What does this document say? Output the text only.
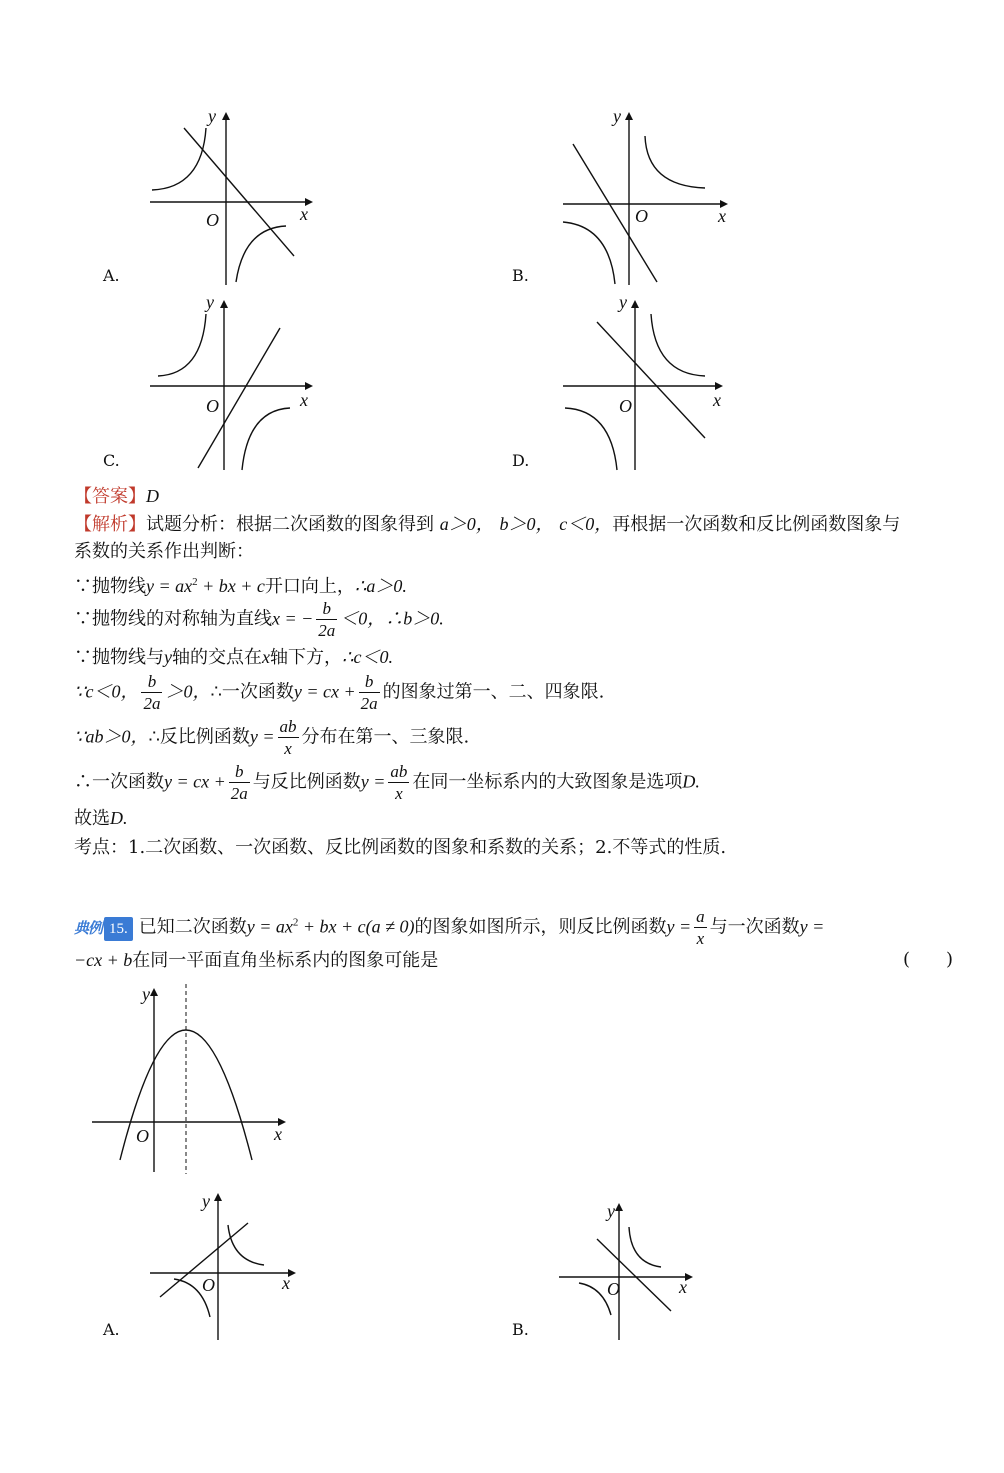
y
x
O
A.
y
x
O
B.
y
x
O
C.
y
x
O
D.
【答案】D
【解析】试题分析：根据二次函数的图象得到 a＞0， b＞0， c＜0，再根据一次函数和反比例函数图象与
系数的关系作出判断：
∵抛物线$y = ax^2$ + bx + c开口向上，∴a＞0.
∵抛物线的对称轴为直线x = − $\frac{b}{2a} <0$，∴b＞0.
∵抛物线与y轴的交点在x轴下方，∴c＜0.
∵c＜0， $\frac{b}{2a} >0$，∴一次函数y = cx + $\frac{b}{2a}$ 的图象过第一、二、四象限.
∵ab＞0，∴反比例函数$y = \frac{ab}{x}$ 分布在第一、三象限.
∴一次函数y = cx + $\frac{b}{2a}$ 与反比例函数$y = \frac{ab}{x}$ 在同一坐标系内的大致图象是选项D.
故选D.
考点：1.二次函数、一次函数、反比例函数的图象和系数的关系；2.不等式的性质.
典例 15. 已知二次函数$y = ax^2$ + bx + c(a ≠ 0)的图象如图所示，则反比例函数$y = \frac{a}{x}$ 与一次函数y =
−cx + b在同一平面直角坐标系内的图象可能是	(　　)
y
x
O
y
x
O
A.
y
x
O
B.
